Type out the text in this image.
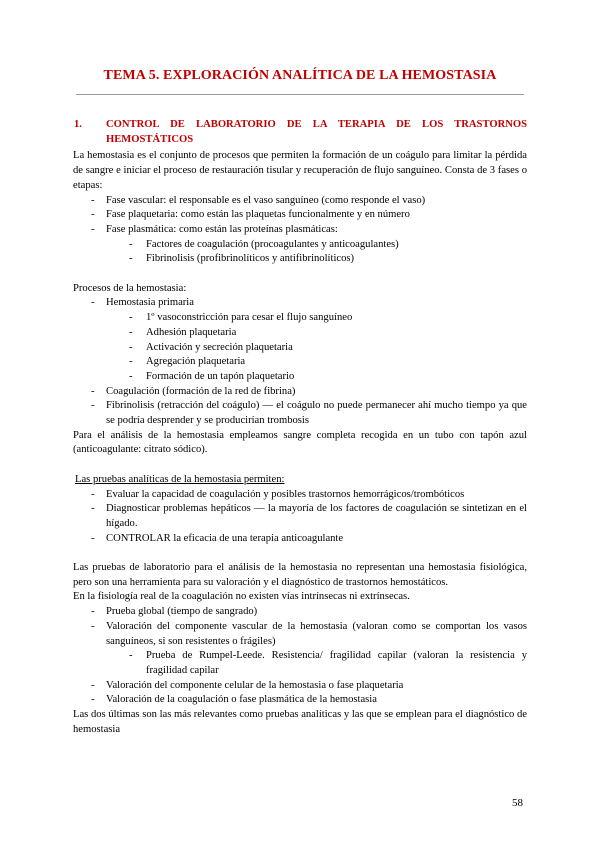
TEMA 5. EXPLORACIÓN ANALÍTICA DE LA HEMOSTASIA
1.	CONTROL DE LABORATORIO DE LA TERAPIA DE LOS TRASTORNOS HEMOSTÁTICOS

La hemostasia es el conjunto de procesos que permiten la formación de un coágulo para limitar la pérdida de sangre e iniciar el proceso de restauración tisular y recuperación de flujo sanguíneo. Consta de 3 fases o etapas:

- Fase vascular: el responsable es el vaso sanguíneo (como responde el vaso)
- Fase plaquetaria: como están las plaquetas funcionalmente y en número
- Fase plasmática: como están las proteínas plasmáticas:
- Factores de coagulación (procoagulantes y anticoagulantes)
- Fibrinolisis (profibrinolíticos y antifibrinolíticos)

Procesos de la hemostasia:

- Hemostasia primaria
- 1º vasoconstricción para cesar el flujo sanguíneo
- Adhesión plaquetaria
- Activación y secreción plaquetaria
- Agregación plaquetaria
- Formación de un tapón plaquetario
- Coagulación (formación de la red de fibrina)
- Fibrinolisis (retracción del coágulo) — el coágulo no puede permanecer ahí mucho tiempo ya que se podría desprender y se producirían trombosis

Para el análisis de la hemostasia empleamos sangre completa recogida en un tubo con tapón azul (anticoagulante: citrato sódico).

Las pruebas analíticas de la hemostasia permiten:

- Evaluar la capacidad de coagulación y posibles trastornos hemorrágicos/trombóticos
- Diagnosticar problemas hepáticos — la mayoría de los factores de coagulación se sintetizan en el hígado.
- CONTROLAR la eficacia de una terapia anticoagulante

Las pruebas de laboratorio para el análisis de la hemostasia no representan una hemostasia fisiológica, pero son una herramienta para su valoración y el diagnóstico de trastornos hemostáticos.

En la fisiología real de la coagulación no existen vías intrínsecas ni extrínsecas.

- Prueba global (tiempo de sangrado)
- Valoración del componente vascular de la hemostasia (valoran como se comportan los vasos sanguíneos, si son resistentes o frágiles)
- Prueba de Rumpel-Leede. Resistencia/ fragilidad capilar (valoran la resistencia y fragilidad capilar
- Valoración del componente celular de la hemostasia o fase plaquetaria
- Valoración de la coagulación o fase plasmática de la hemostasia

Las dos últimas son las más relevantes como pruebas analíticas y las que se emplean para el diagnóstico de hemostasia

58
